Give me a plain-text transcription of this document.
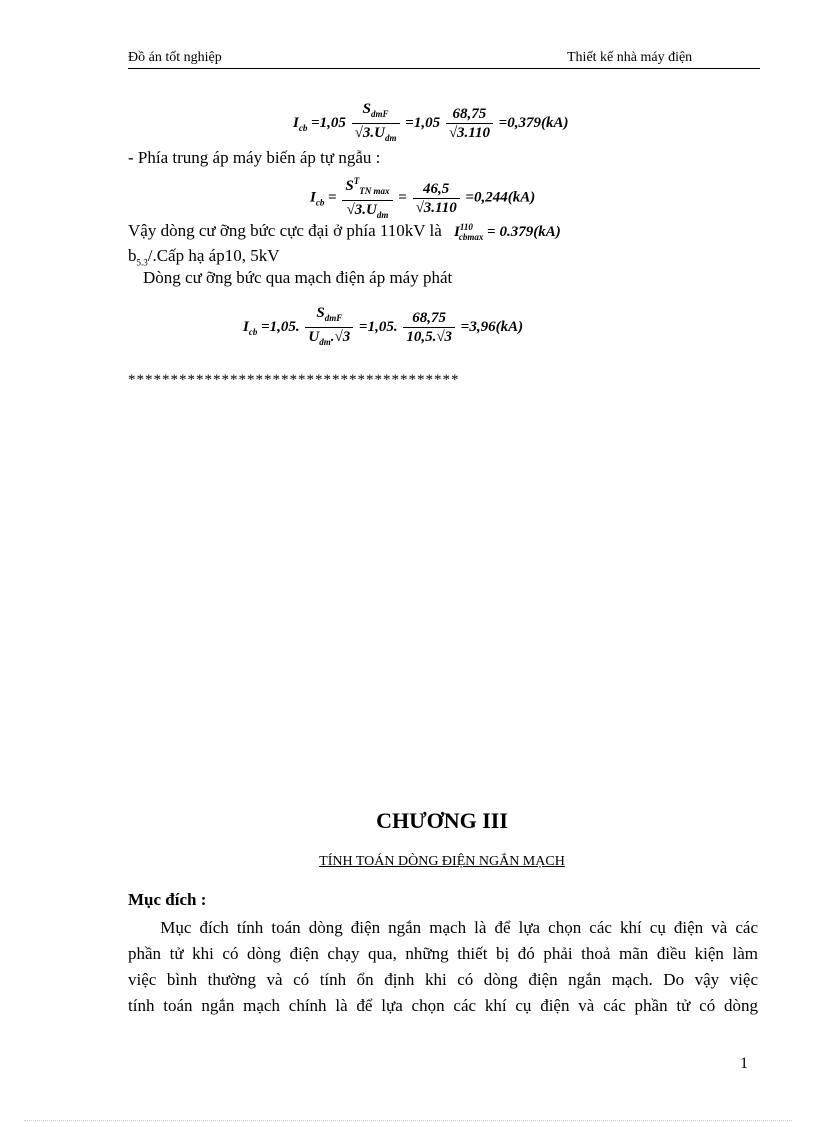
Đồ án tốt nghiệp	Thiết kế nhà máy điện
$I_{cb} =1,05 \frac{S_{dmF}}{√3.U_{dm}} =1,05 \frac{68,75}{√3.110} =0,379(kA)$
- Phía trung áp máy biến áp tự ngẫu :
$I_{cb} = \frac{S^T_{TN max}}{√3.U_{dm}} = \frac{46,5}{√3.110} =0,244(kA)$
Vậy dòng cư ỡng bức cực đại ở phía 110kV là $I^{110}_{cbmax} = 0.379(kA)$
$b_{5.3}/.Cấp$ hạ áp10, 5kV
Dòng cư ỡng bức qua mạch điện áp máy phát
$I_{cb} =1,05$. $\frac{S_{dmF}}{U_{dm}.√3} =1,05$. $\frac{68,75}{10,5.√3} =3,96(kA)$
***************************************
CHƯƠNG III
TÍNH TOÁN DÒNG ĐIỆN NGẮN MẠCH
Mục đích :
Mục đích tính toán dòng điện ngắn mạch là để lựa chọn các khí cụ điện và các
phần tử khi có dòng điện chạy qua, những thiết bị đó phải thoả mãn điều kiện làm
việc bình thường và có tính ổn định khi có dòng điện ngắn mạch. Do vậy việc
tính toán ngắn mạch chính là để lựa chọn các khí cụ điện và các phần tử có dòng
1
